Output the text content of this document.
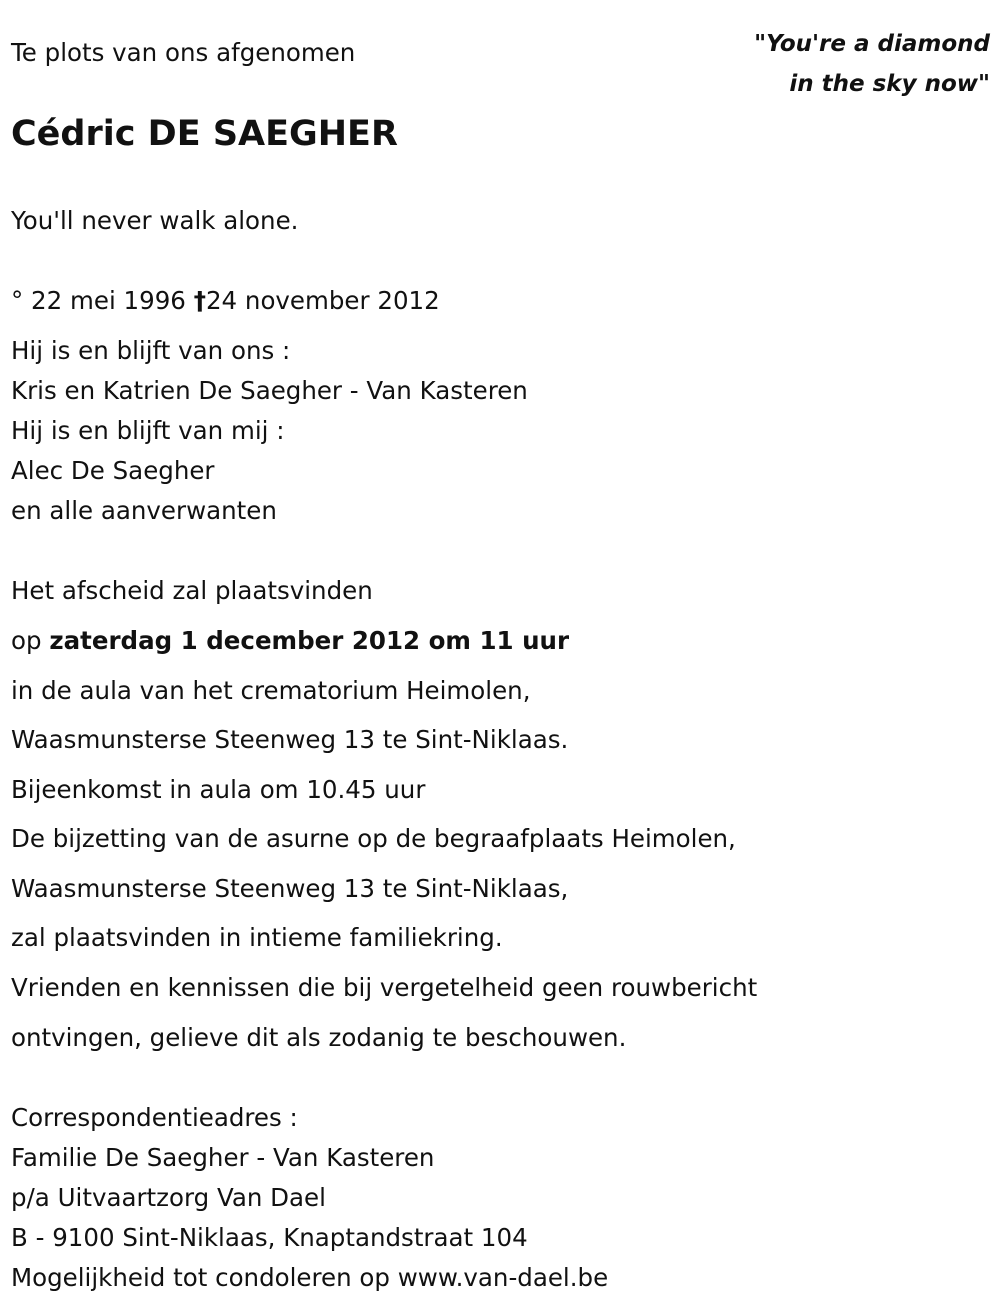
"You're a diamond
in the sky now"
Te plots van ons afgenomen
Cédric DE SAEGHER
You'll never walk alone.
° 22 mei 1996 †24 november 2012
Hij is en blijft van ons :
Kris en Katrien De Saegher - Van Kasteren
Hij is en blijft van mij :
Alec De Saegher
en alle aanverwanten
Het afscheid zal plaatsvinden
op zaterdag 1 december 2012 om 11 uur
in de aula van het crematorium Heimolen,
Waasmunsterse Steenweg 13 te Sint-Niklaas.
Bijeenkomst in aula om 10.45 uur
De bijzetting van de asurne op de begraafplaats Heimolen,
Waasmunsterse Steenweg 13 te Sint-Niklaas,
zal plaatsvinden in intieme familiekring.
Vrienden en kennissen die bij vergetelheid geen rouwbericht
ontvingen, gelieve dit als zodanig te beschouwen.
Correspondentieadres :
Familie De Saegher - Van Kasteren
p/a Uitvaartzorg Van Dael
B - 9100 Sint-Niklaas, Knaptandstraat 104
Mogelijkheid tot condoleren op www.van-dael.be
